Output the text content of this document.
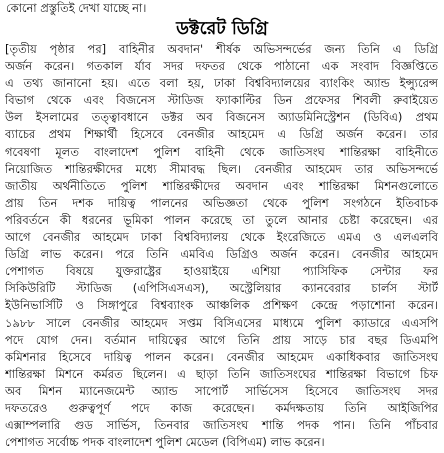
কোনো প্রস্তুতিই দেখা যাচ্ছে না।
ডক্টরেট ডিগ্রি
[তৃতীয় পৃষ্ঠার পর] বাহিনীর অবদান' শীর্ষক অভিসন্দর্ভের জন্য তিনি এ ডিগ্রি
অর্জন করেন। গতকাল র্যাব সদর দফতর থেকে পাঠানো এক সংবাদ বিজ্ঞপ্তিতে
এ তথ্য জানানো হয়। এতে বলা হয়, ঢাকা বিশ্ববিদ্যালয়ের ব্যাংকিং অ্যান্ড ইন্স্যুরেন্স
বিভাগ থেকে এবং বিজনেস স্টাডিজ ফ্যাকাল্টির ডিন প্রফেসর শিবলী রুবাইয়েত
উল ইসলামের তত্ত্বাবধানে ডক্টর অব বিজনেস অ্যাডমিনিস্ট্রেশন (ডিবিএ) প্রথম
ব্যাচের প্রথম শিক্ষার্থী হিসেবে বেনজীর আহমেদ এ ডিগ্রি অর্জন করেন। তার
গবেষণা মূলত বাংলাদেশ পুলিশ বাহিনী থেকে জাতিসংঘ শান্তিরক্ষা বাহিনীতে
নিয়োজিত শান্তিরক্ষীদের মধ্যে সীমাবদ্ধ ছিল। বেনজীর আহমেদ তার অভিসন্দর্ভে
জাতীয় অর্থনীতিতে পুলিশ শান্তিরক্ষীদের অবদান এবং শান্তিরক্ষা মিশনগুলোতে
প্রায় তিন দশক দায়িত্ব পালনের অভিজ্ঞতা থেকে পুলিশ সংগঠনে ইতিবাচক
পরিবর্তনে কী ধরনের ভূমিকা পালন করেছে তা তুলে আনার চেষ্টা করেছেন। এর
আগে বেনজীর আহমেদ ঢাকা বিশ্ববিদ্যালয় থেকে ইংরেজিতে এমএ ও এলএলবি
ডিগ্রি লাভ করেন। পরে তিনি এমবিএ ডিগ্রিও অর্জন করেন। বেনজীর আহমেদ
পেশাগত বিষয়ে যুক্তরাষ্ট্রের হাওয়াইয়ে এশিয়া প্যাসিফিক সেন্টার ফর
সিকিউরিটি স্টাডিজ (এপিসিএসএস), অস্ট্রেলিয়ার ক্যানবেরার চার্লস স্টার্ট
ইউনিভার্সিটি ও সিঙ্গাপুরে বিশ্বব্যাংক আঞ্চলিক প্রশিক্ষণ কেন্দ্রে পড়াশোনা করেন।
১৯৮৮ সালে বেনজীর আহমেদ সপ্তম বিসিএসের মাধ্যমে পুলিশ ক্যাডারে এএসপি
পদে যোগ দেন। বর্তমান দায়িত্বের আগে তিনি প্রায় সাড়ে চার বছর ডিএমপি
কমিশনার হিসেবে দায়িত্ব পালন করেন। বেনজীর আহমেদ একাধিকবার জাতিসংঘ
শান্তিরক্ষা মিশনে কর্মরত ছিলেন। এ ছাড়া তিনি জাতিসংঘের শান্তিরক্ষা বিভাগে চিফ
অব মিশন ম্যানেজমেন্ট অ্যান্ড সাপোর্ট সার্ভিসেস হিসেবে জাতিসংঘ সদর
দফতরেও গুরুত্বপূর্ণ পদে কাজ করেছেন। কর্মদক্ষতায় তিনি আইজিপির
এক্সাম্পলারি গুড সার্ভিস, তিনবার জাতিসংঘ শান্তি পদক পান। তিনি পাঁচবার
পেশাগত সর্বোচ্চ পদক বাংলাদেশ পুলিশ মেডেল (বিপিএম) লাভ করেন।
